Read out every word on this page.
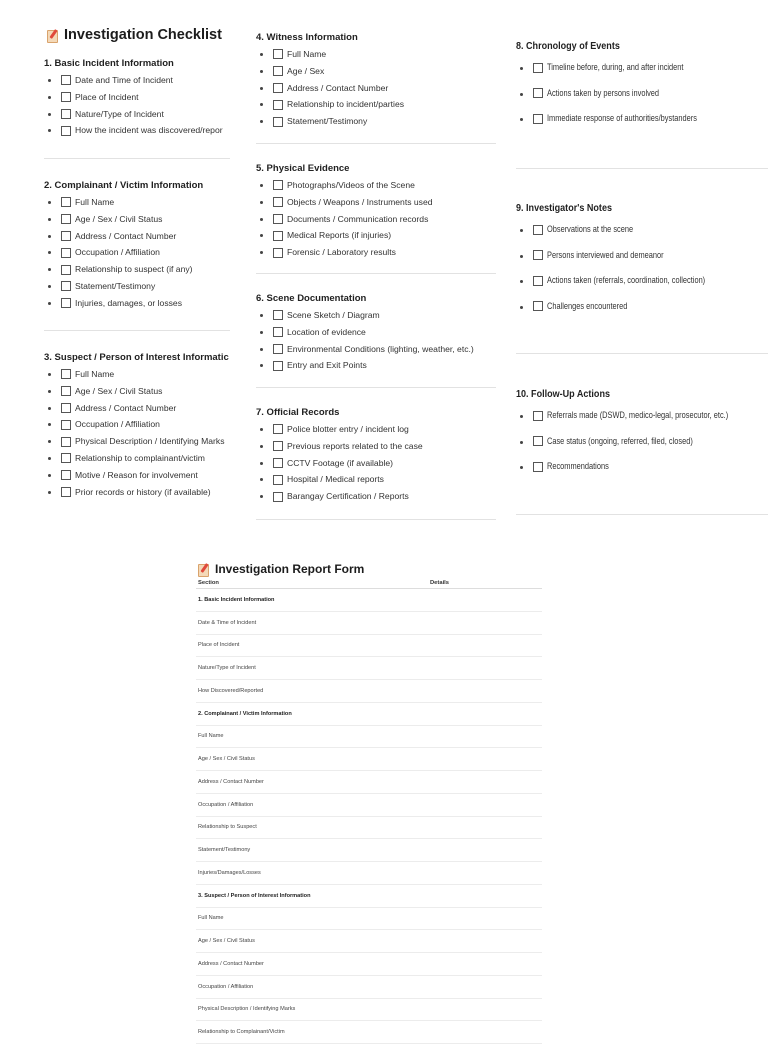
Investigation Checklist
1. Basic Incident Information
Date and Time of Incident
Place of Incident
Nature/Type of Incident
How the incident was discovered/repor
2. Complainant / Victim Information
Full Name
Age / Sex / Civil Status
Address / Contact Number
Occupation / Affiliation
Relationship to suspect (if any)
Statement/Testimony
Injuries, damages, or losses
3. Suspect / Person of Interest Informatic
Full Name
Age / Sex / Civil Status
Address / Contact Number
Occupation / Affiliation
Physical Description / Identifying Marks
Relationship to complainant/victim
Motive / Reason for involvement
Prior records or history (if available)
4. Witness Information
Full Name
Age / Sex
Address / Contact Number
Relationship to incident/parties
Statement/Testimony
5. Physical Evidence
Photographs/Videos of the Scene
Objects / Weapons / Instruments used
Documents / Communication records
Medical Reports (if injuries)
Forensic / Laboratory results
6. Scene Documentation
Scene Sketch / Diagram
Location of evidence
Environmental Conditions (lighting, weather, etc.)
Entry and Exit Points
7. Official Records
Police blotter entry / incident log
Previous reports related to the case
CCTV Footage (if available)
Hospital / Medical reports
Barangay Certification / Reports
8. Chronology of Events
Timeline before, during, and after incident
Actions taken by persons involved
Immediate response of authorities/bystanders
9. Investigator's Notes
Observations at the scene
Persons interviewed and demeanor
Actions taken (referrals, coordination, collection)
Challenges encountered
10. Follow-Up Actions
Referrals made (DSWD, medico-legal, prosecutor, etc.)
Case status (ongoing, referred, filed, closed)
Recommendations
Investigation Report Form
Section	Details
1. Basic Incident Information
Date & Time of Incident
Place of Incident
Nature/Type of Incident
How Discovered/Reported
2. Complainant / Victim Information
Full Name
Age / Sex / Civil Status
Address / Contact Number
Occupation / Affiliation
Relationship to Suspect
Statement/Testimony
Injuries/Damages/Losses
3. Suspect / Person of Interest Information
Full Name
Age / Sex / Civil Status
Address / Contact Number
Occupation / Affiliation
Physical Description / Identifying Marks
Relationship to Complainant/Victim
